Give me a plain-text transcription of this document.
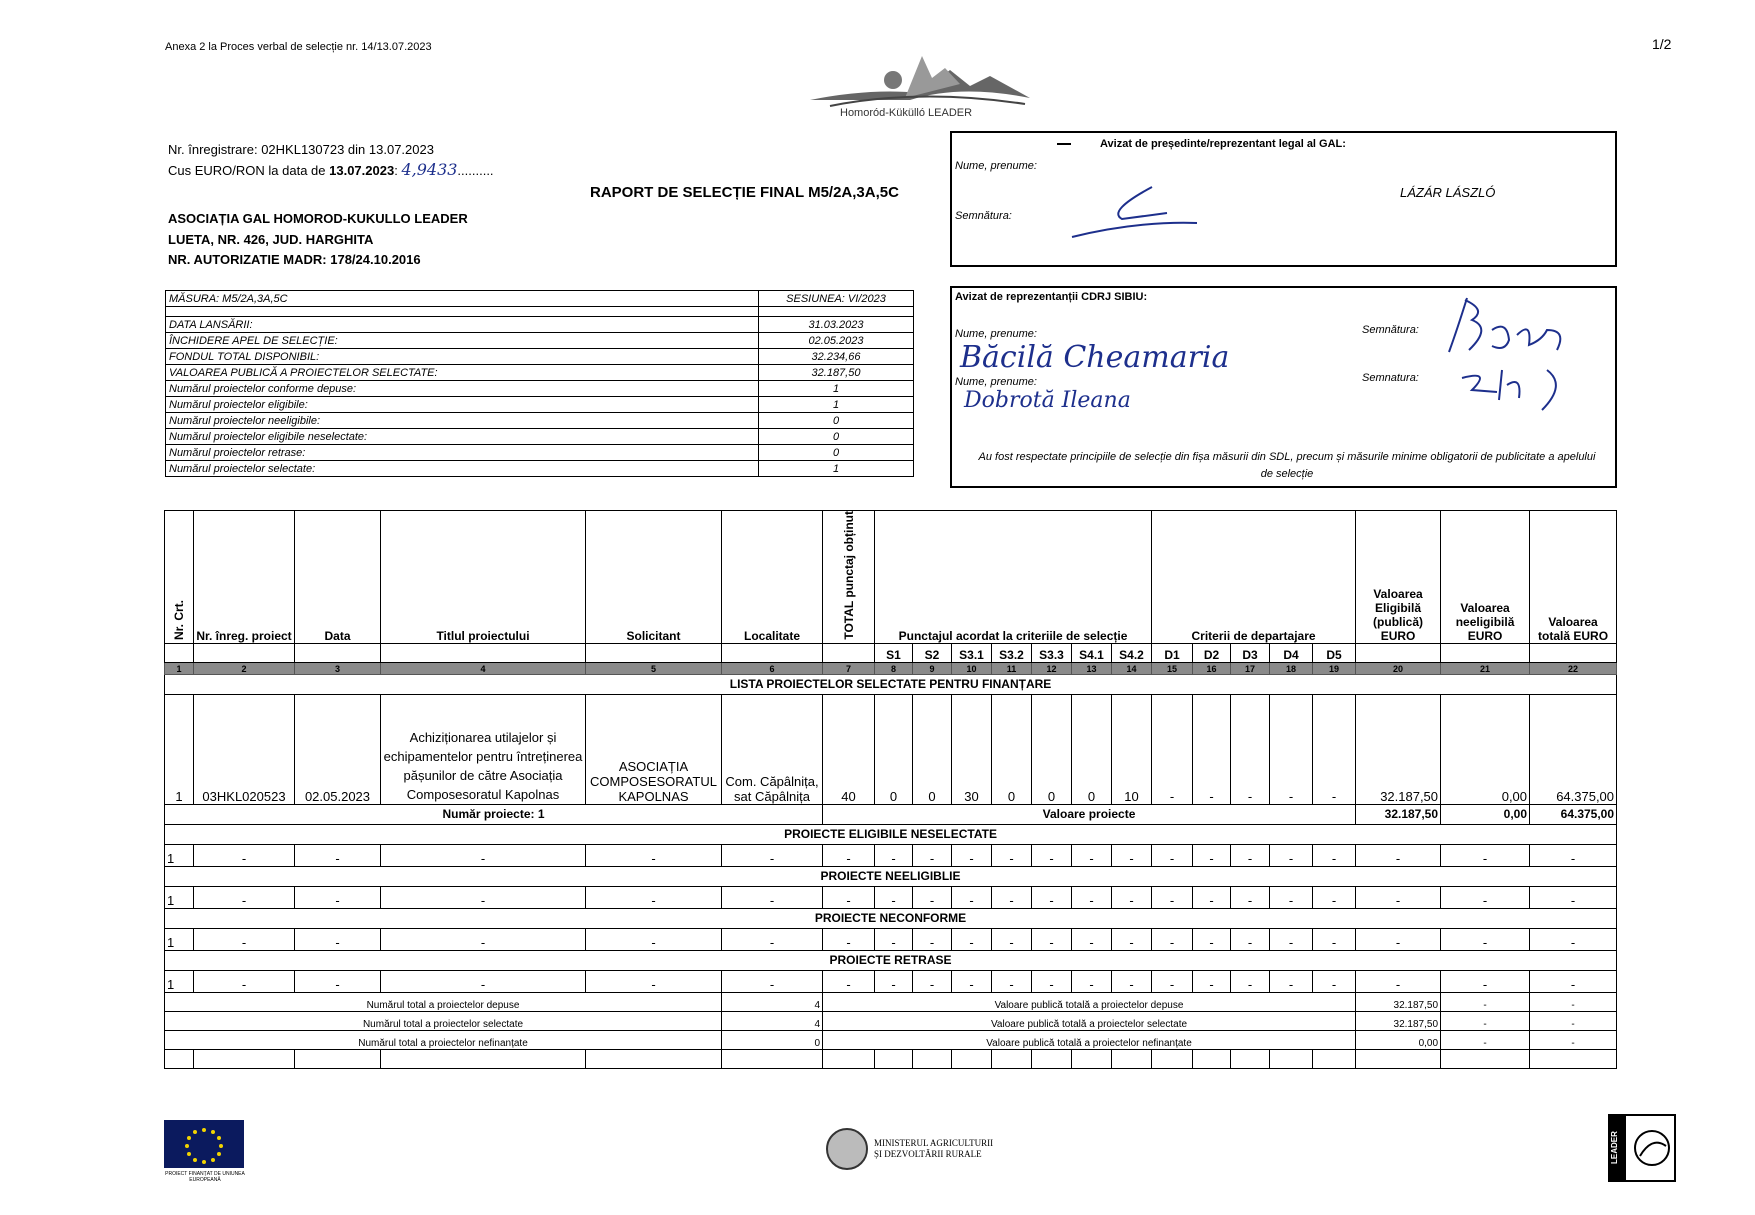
Anexa 2 la Proces verbal de selecție nr. 14/13.07.2023	1/2
Homoród-Kükülló LEADER
Nr. înregistrare: 02HKL130723 din 13.07.2023
Cus EURO/RON la data de 13.07.2023: 4,9433..........
ASOCIAȚIA GAL HOMOROD-KUKULLO LEADER
LUETA, NR. 426, JUD. HARGHITA
NR. AUTORIZATIE MADR: 178/24.10.2016
RAPORT DE SELECȚIE FINAL M5/2A,3A,5C
Avizat de președinte/reprezentant legal al GAL:
Nume, prenume:
Semnătura:
LÁZÁR LÁSZLÓ
MĂSURA: M5/2A,3A,5C	SESIUNEA: VI/2023

DATA LANSĂRII:	31.03.2023
ÎNCHIDERE APEL DE SELECȚIE:	02.05.2023
FONDUL TOTAL DISPONIBIL:	32.234,66
VALOAREA PUBLICĂ A PROIECTELOR SELECTATE:	32.187,50
Numărul proiectelor conforme depuse:	1
Numărul proiectelor eligibile:	1
Numărul proiectelor neeligibile:	0
Numărul proiectelor eligibile neselectate:	0
Numărul proiectelor retrase:	0
Numărul proiectelor selectate:	1
Avizat de reprezentanții CDRJ SIBIU:
Nume, prenume:
Nume, prenume:
Semnătura:
Semnatura:
Băcilă Cheamaria
Dobrotă Ileana
Au fost respectate principiile de selecție din fișa măsurii din SDL, precum și măsurile minime obligatorii de publicitate a apelului de selecție
Nr. Crt.	Nr. înreg. proiect	Data	Titlul proiectului	Solicitant	Localitate	TOTAL punctaj obținut	Punctajul acordat la criteriile de selecție							Criterii de departajare					Valoarea Eligibilă (publică) EURO	Valoarea neeligibilă EURO	Valoarea totală EURO
							S1	S2	S3.1	S3.2	S3.3	S4.1	S4.2	D1	D2	D3	D4	D5			
1	2	3	4	5	6	7	8	9	10	11	12	13	14	15	16	17	18	19	20	21	22
LISTA PROIECTELOR SELECTATE PENTRU FINANȚARE																					
1	03HKL020523	02.05.2023	Achiziționarea utilajelor și echipamentelor pentru întreținerea pășunilor de către Asociația Composesoratul Kapolnas	ASOCIAȚIA COMPOSESORATUL KAPOLNAS	Com. Căpâlnița, sat Căpâlnița	40	0	0	30	0	0	0	10	-	-	-	-	-	32.187,50	0,00	64.375,00
Număr proiecte: 1						Valoare proiecte													32.187,50	0,00	64.375,00
PROIECTE ELIGIBILE NESELECTATE																					
1	-	-	-	-	-	-	-	-	-	-	-	-	-	-	-	-	-	-	-	-	-
PROIECTE NEELIGIBLIE																					
1	-	-	-	-	-	-	-	-	-	-	-	-	-	-	-	-	-	-	-	-	-
PROIECTE NECONFORME																					
1	-	-	-	-	-	-	-	-	-	-	-	-	-	-	-	-	-	-	-	-	-
PROIECTE RETRASE																					
1	-	-	-	-	-	-	-	-	-	-	-	-	-	-	-	-	-	-	-	-	-
Numărul total a proiectelor depuse					4	Valoare publică totală a proiectelor depuse													32.187,50	-	-
Numărul total a proiectelor selectate					4	Valoare publică totală a proiectelor selectate													32.187,50	-	-
Numărul total a proiectelor nefinanțate					0	Valoare publică totală a proiectelor nefinanțate													0,00	-	-

PROIECT FINANȚAT DE UNIUNEA EUROPEANĂ
MINISTERUL AGRICULTURII
ȘI DEZVOLTĂRII RURALE	LEADER
